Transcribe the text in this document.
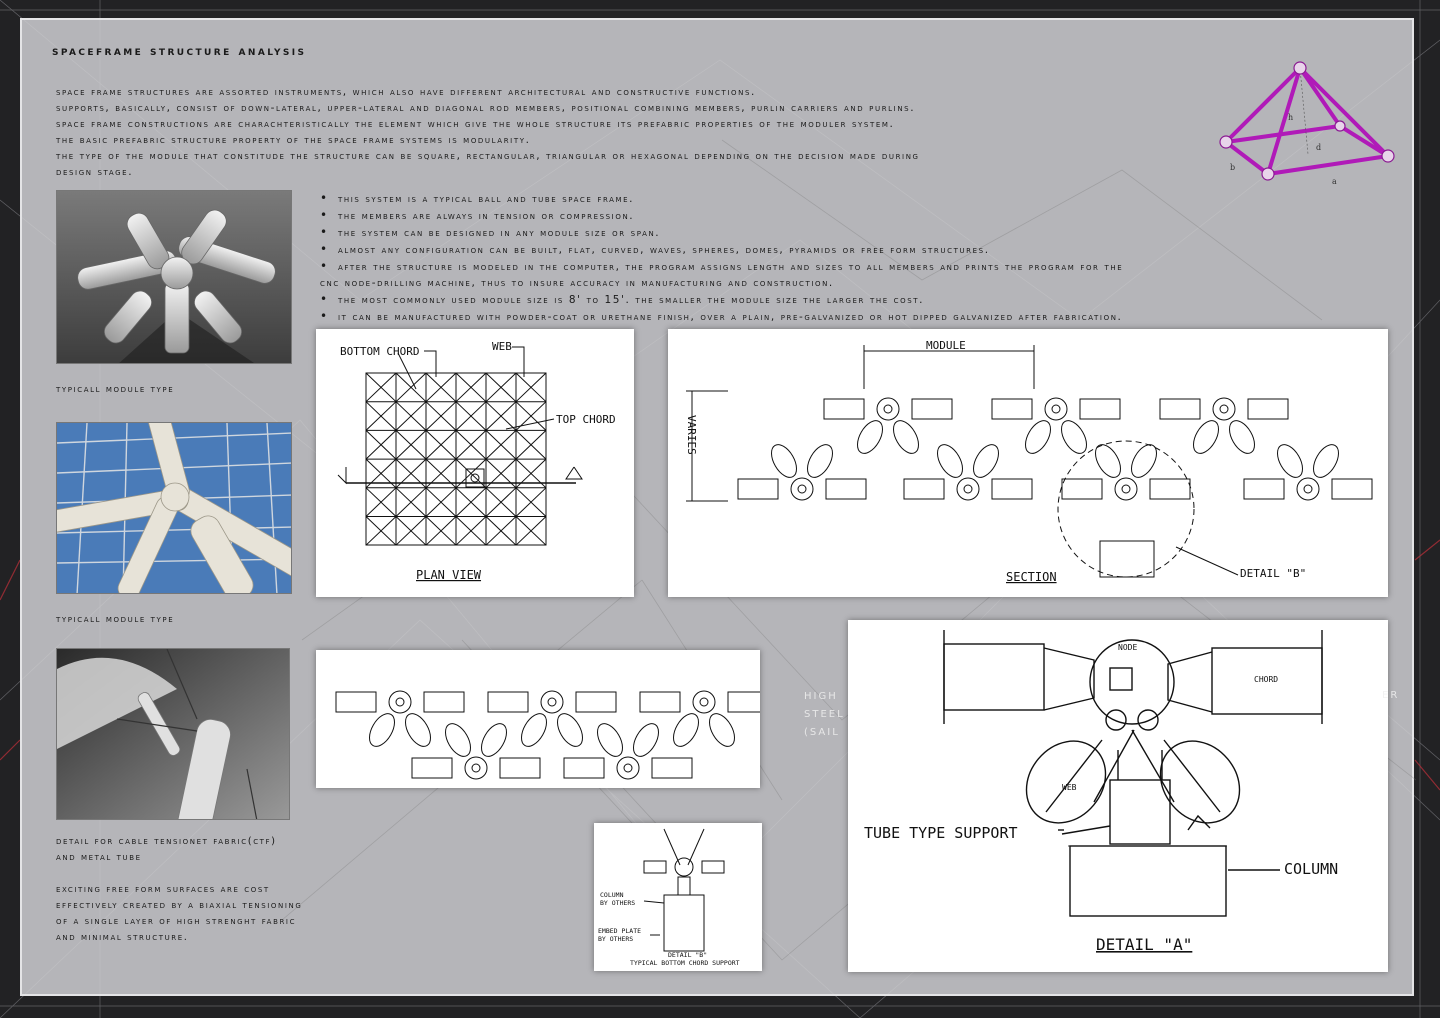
spaceframe structure analysis
space frame structures are assorted instruments, which also have different architectural and constructive functions.
supports, basically, consist of down-lateral, upper-lateral and diagonal rod members, positional combining members, purlin carriers and purlins.
space frame constructions are charachteristically the element which give the whole structure its prefabric properties of the moduler system.
the basic prefabric structure property of the space frame systems is modularity.
the type of the module that constitude the structure can be square, rectangular, triangular or hexagonal depending on the decision made during
design stage.
h
d
b
a
typicall module type
typicall module type
detail for cable tensionet fabric(ctf)
and metal tube
exciting free form surfaces are cost
effectively created by a biaxial tensioning
of a single layer of high strenght fabric
and minimal structure.
• this system is a typical ball and tube space frame.
• the members are always in tension or compression.
• the system can be designed in any module size or span.
• almost any configuration can be built, flat, curved, waves, spheres, domes, pyramids or free form structures.
• after the structure is modeled in the computer, the program assigns length and sizes to all members and prints the program for the
cnc node-drilling machine, thus to insure accuracy in manufacturing and construction.
• the most commonly used module size is 8' to 15'. the smaller the module size the larger the cost.
• it can be manufactured with powder-coat or urethane finish, over a plain, pre-galvanized or hot dipped galvanized after fabrication.
BOTTOM CHORD	WEB
TOP CHORD
PLAN VIEW
MODULE
VARIES
SECTION	DETAIL "B"
NODE
CHORD
WEB
TUBE TYPE SUPPORT
COLUMN
DETAIL "A"
COLUMN
BY OTHERS
EMBED PLATE
BY OTHERS
DETAIL "B"
TYPICAL BOTTOM CHORD SUPPORT
HIGH
STEEL
(SAIL
ER
